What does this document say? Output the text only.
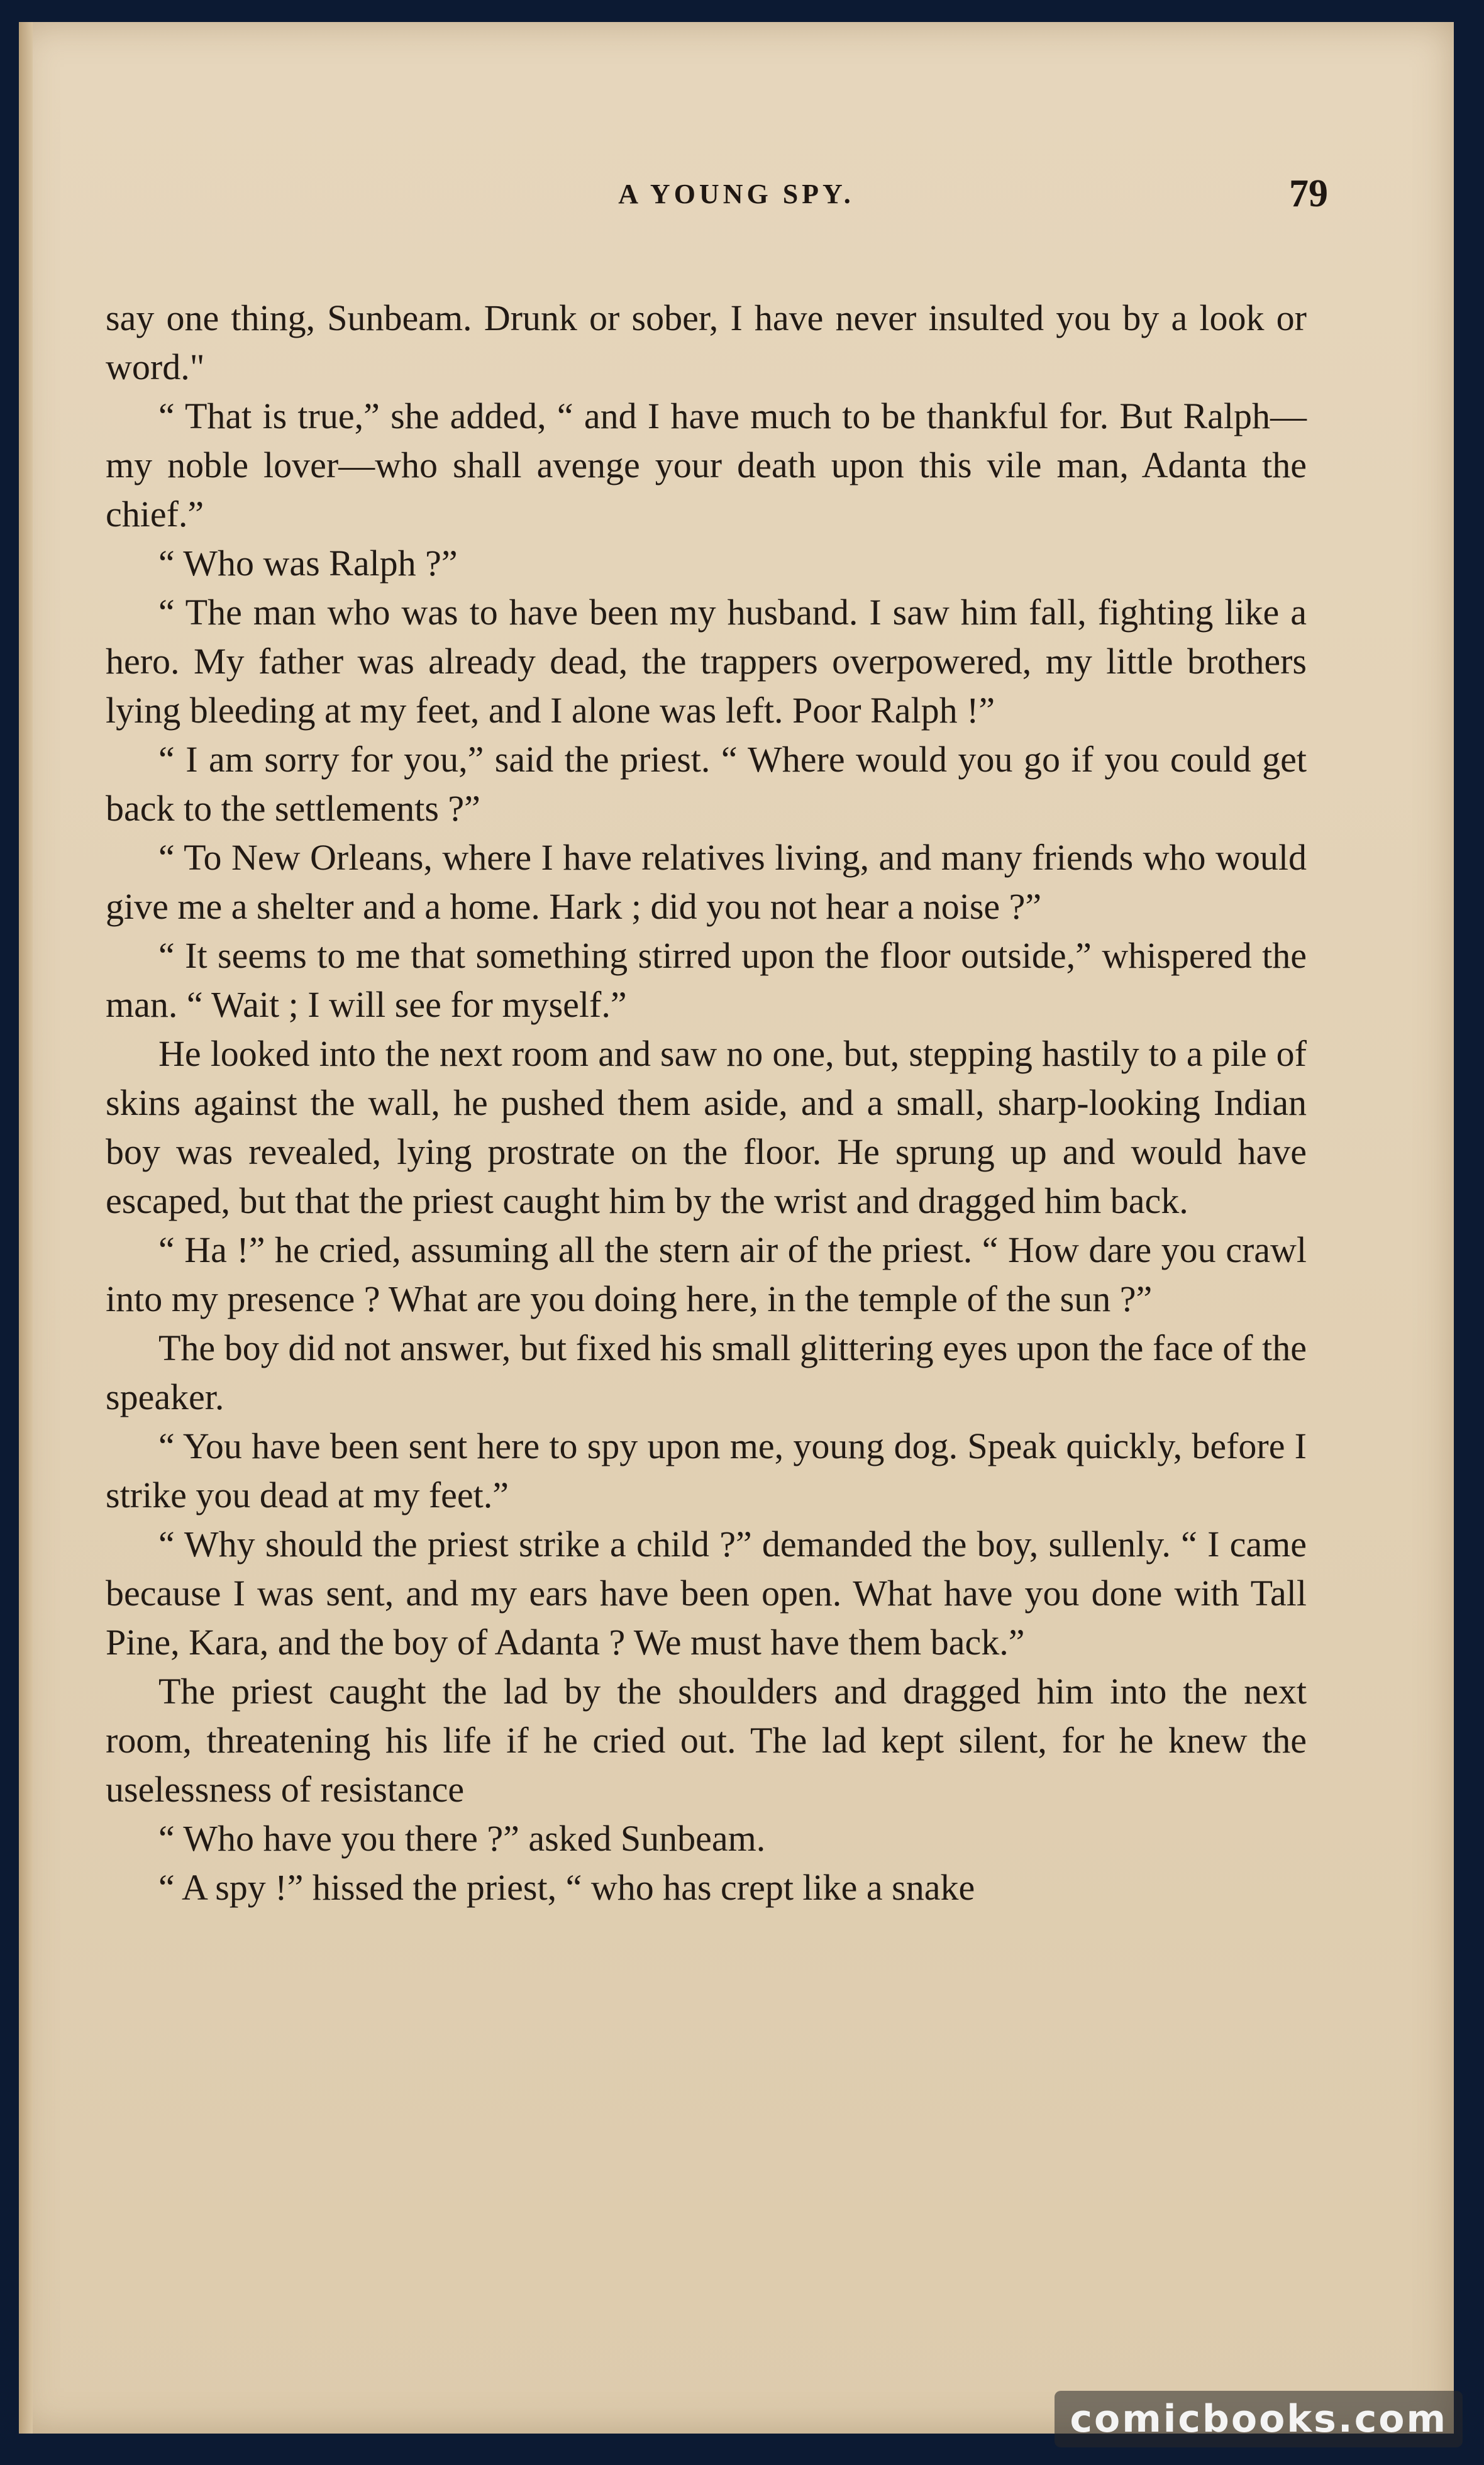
A YOUNG SPY.	79

say one thing, Sunbeam. Drunk or sober, I have never insulted you by a look or word."

“ That is true,” she added, “ and I have much to be thankful for. But Ralph—my noble lover—who shall avenge your death upon this vile man, Adanta the chief.”

“ Who was Ralph ?”

“ The man who was to have been my husband. I saw him fall, fighting like a hero. My father was already dead, the trappers overpowered, my little brothers lying bleeding at my feet, and I alone was left. Poor Ralph !”

“ I am sorry for you,” said the priest. “ Where would you go if you could get back to the settlements ?”

“ To New Orleans, where I have relatives living, and many friends who would give me a shelter and a home. Hark ; did you not hear a noise ?”

“ It seems to me that something stirred upon the floor outside,” whispered the man. “ Wait ; I will see for myself.”

He looked into the next room and saw no one, but, stepping hastily to a pile of skins against the wall, he pushed them aside, and a small, sharp-looking Indian boy was revealed, lying prostrate on the floor. He sprung up and would have escaped, but that the priest caught him by the wrist and dragged him back.

“ Ha !” he cried, assuming all the stern air of the priest. “ How dare you crawl into my presence ? What are you doing here, in the temple of the sun ?”

The boy did not answer, but fixed his small glittering eyes upon the face of the speaker.

“ You have been sent here to spy upon me, young dog. Speak quickly, before I strike you dead at my feet.”

“ Why should the priest strike a child ?” demanded the boy, sullenly. “ I came because I was sent, and my ears have been open. What have you done with Tall Pine, Kara, and the boy of Adanta ? We must have them back.”

The priest caught the lad by the shoulders and dragged him into the next room, threatening his life if he cried out. The lad kept silent, for he knew the uselessness of resistance

“ Who have you there ?” asked Sunbeam.

“ A spy !” hissed the priest, “ who has crept like a snake

comicbooks.com
